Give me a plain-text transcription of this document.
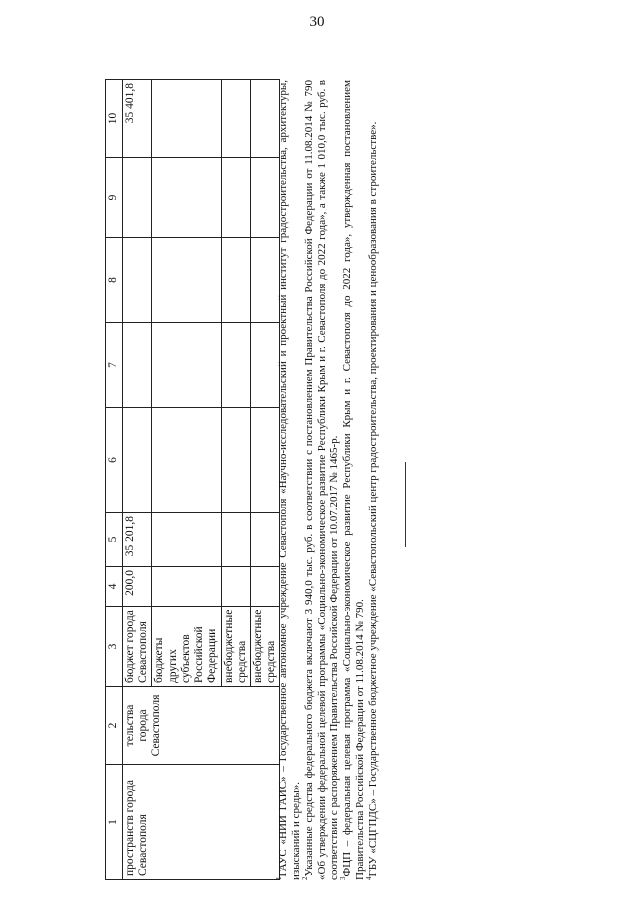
30
1	2	3	4	5	6	7	8	9	10	
пространств города Севастополя	тельства города Севастополя	бюджет города Севастополя	200,0	35 201,8					35 401,8	
		бюджеты других субъектов Российской Федерации								
		внебюджетные средства								
		внебюджетные средства								

$^1$ГАУС «НИИ ГАИС» – Государственное автономное учреждение Севастополя «Научно-исследовательский и проектный институт градостроительства, архитектуры, изысканий и среды».

$^2$Указанные средства федерального бюджета включают 3 940,0 тыс. руб. в соответствии с постановлением Правительства Российской Федерации от 11.08.2014 № 790 «Об утверждении федеральной целевой программы «Социально-экономическое развитие Республики Крым и г. Севастополя до 2022 года», а также 1 010,0 тыс. руб. в соответствии с распоряжением Правительства Российской Федерации от 10.07.2017 № 1465-р.

$^3$ФЦП – федеральная целевая программа «Социально-экономическое развитие Республики Крым и г. Севастополя до 2022 года», утвержденная постановлением Правительства Российской Федерации от 11.08.2014 № 790.

$^4$ГБУ «СЦГПДС» – Государственное бюджетное учреждение «Севастопольский центр градостроительства, проектирования и ценообразования в строительстве».
